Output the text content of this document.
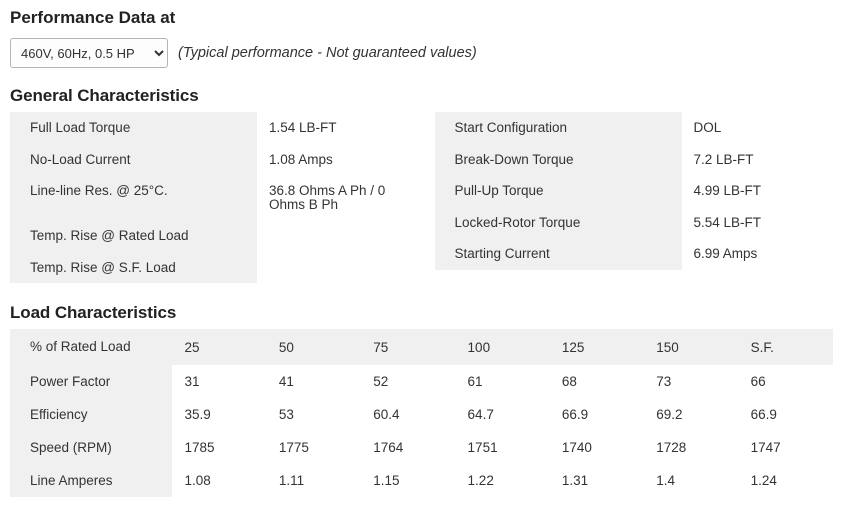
Performance Data at
460V, 60Hz, 0.5 HP
(Typical performance - Not guaranteed values)
General Characteristics
Full Load Torque	1.54 LB-FT
No-Load Current	1.08 Amps
Line-line Res. @ 25°C.	36.8 Ohms A Ph / 0 Ohms B Ph
Temp. Rise @ Rated Load
Temp. Rise @ S.F. Load
Start Configuration	DOL
Break-Down Torque	7.2 LB-FT
Pull-Up Torque	4.99 LB-FT
Locked-Rotor Torque	5.54 LB-FT
Starting Current	6.99 Amps
Load Characteristics
% of Rated Load	25	50	75	100	125	150	S.F.
Power Factor	31	41	52	61	68	73	66
Efficiency	35.9	53	60.4	64.7	66.9	69.2	66.9
Speed (RPM)	1785	1775	1764	1751	1740	1728	1747
Line Amperes	1.08	1.11	1.15	1.22	1.31	1.4	1.24
